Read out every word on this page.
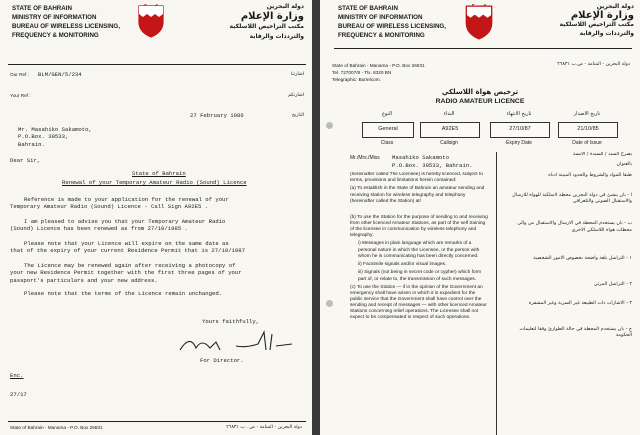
STATE OF BAHRAIN
MINISTRY OF INFORMATION
BUREAU OF WIRELESS LICENSING,
FREQUENCY & MONITORING
دولة البحرين
وزارة الإعلام
مكتب التراخيص اللاسلكية
والترددات والرقابة
Our Ref : BLM/GEN/5/234	اشارتنا
Your Ref :	اشارتكم
27 February 1986	التاريخ
Mr. Masahiko Sakamoto,
P.O.Box. 30533,
Bahrain.
Dear Sir,
State of Bahrain
Renewal of your Temporary Amateur Radio (Sound) Licence
Reference is made to your application for the renewal of your
Temporary Amateur Radio (Sound) Licence - Call Sign A92E5 .
I am pleased to advise you that your Temporary Amateur Radio
(Sound) Licence has been renewed as from 27/10/1985 .
Please note that your Licence will expire on the same date as
that of the expiry of your current Residence Permit that is 27/10/1987
The Licence may be renewed again after receiving a photocopy of
your new Residence Permit together with the first three pages of your
passport's particulars and your new address.
Please note that the terms of the Licence remain unchanged.
Yours faithfully,
For Director.
Enc.
27/17
State of Bahrain - Manama - P.O. Box 26831	دولة البحرين - المنامة - ص . ب ٢٦٨٣١
STATE OF BAHRAIN
MINISTRY OF INFORMATION
BUREAU OF WIRELESS LICENSING,
FREQUENCY & MONITORING
دولة البحرين
وزارة الإعلام
مكتب التراخيص اللاسلكية
والترددات والرقابة
State of Bahrain - Manama - P.O. Box 26831
Tel. 727007/8 - Tlx. 8320 BN
Telegraphic: Burtelcom.
دولة البحرين - المنامة - ص.ب ٢٦٨٣١
ترخيص هواة اللاسلكي
RADIO AMATEUR LICENCE
النوع	النداء	تاريخ الانتهاء	تاريخ الاصدار
General	A92E5	27/10/87	21/10/85
Class	Callsign	Expiry Date	Date of Issue
Mr./Mrs./Miss Masahiko Sakamoto
P.O.Box. 30533, Bahrain.

(hereinafter called The Licensee) is hereby licenced, subject to terms, provisions and limitations herein contained:

(a) To establish in the State of Bahrain an amateur sending and receiving station for wireless telegraphy and telephony (hereinafter called the Station) at/

(b) To use the Station for the purpose of sending to and receiving from other licenced Amateur Stations, as part of the self training of the licensee in communication by wireless telephony and telegraphy:

i) Messages in plain language which are remarks of a personal nature in which the Licensee, or the person with whom he is communicating has been directly concerned.

ii) Facsimile signals and/or visual images.

iii) Signals (not being in secret code or cypher) which form part of, or relate to, the transmission of such messages.

(c) To use the Station — if in the opinion of the Government an emergency shall have arisen in which it is expedient for the public service that the Government shall have control over the sending and receipt of messages — with other licenced Amateur Stations concerning relief operations. The Licensee shall not expect to be compensated in respect of such operations.

يصرح السيد / السيدة / الانسة

بالعنوان

طبقا للمواد والشروط والحدود المبينة ادناه

ا - بان ينشئ في دولة البحرين محطة لاسلكية للهواة للارسال والاستقبال الصوتي والتلغرافي

ب - بان يستخدم المحطة في الارسال والاستقبال من والى محطات هواة اللاسلكي الاخرى

١ - التراسل بلغة واضحة بخصوص الامور الشخصية

٢ - التراسل المرئي

٣ - الاشارات ذات الطبيعة غير السرية وغير المشفرة

ج - بان يستخدم المحطة في حالة الطوارئ وفقا لتعليمات الحكومة
